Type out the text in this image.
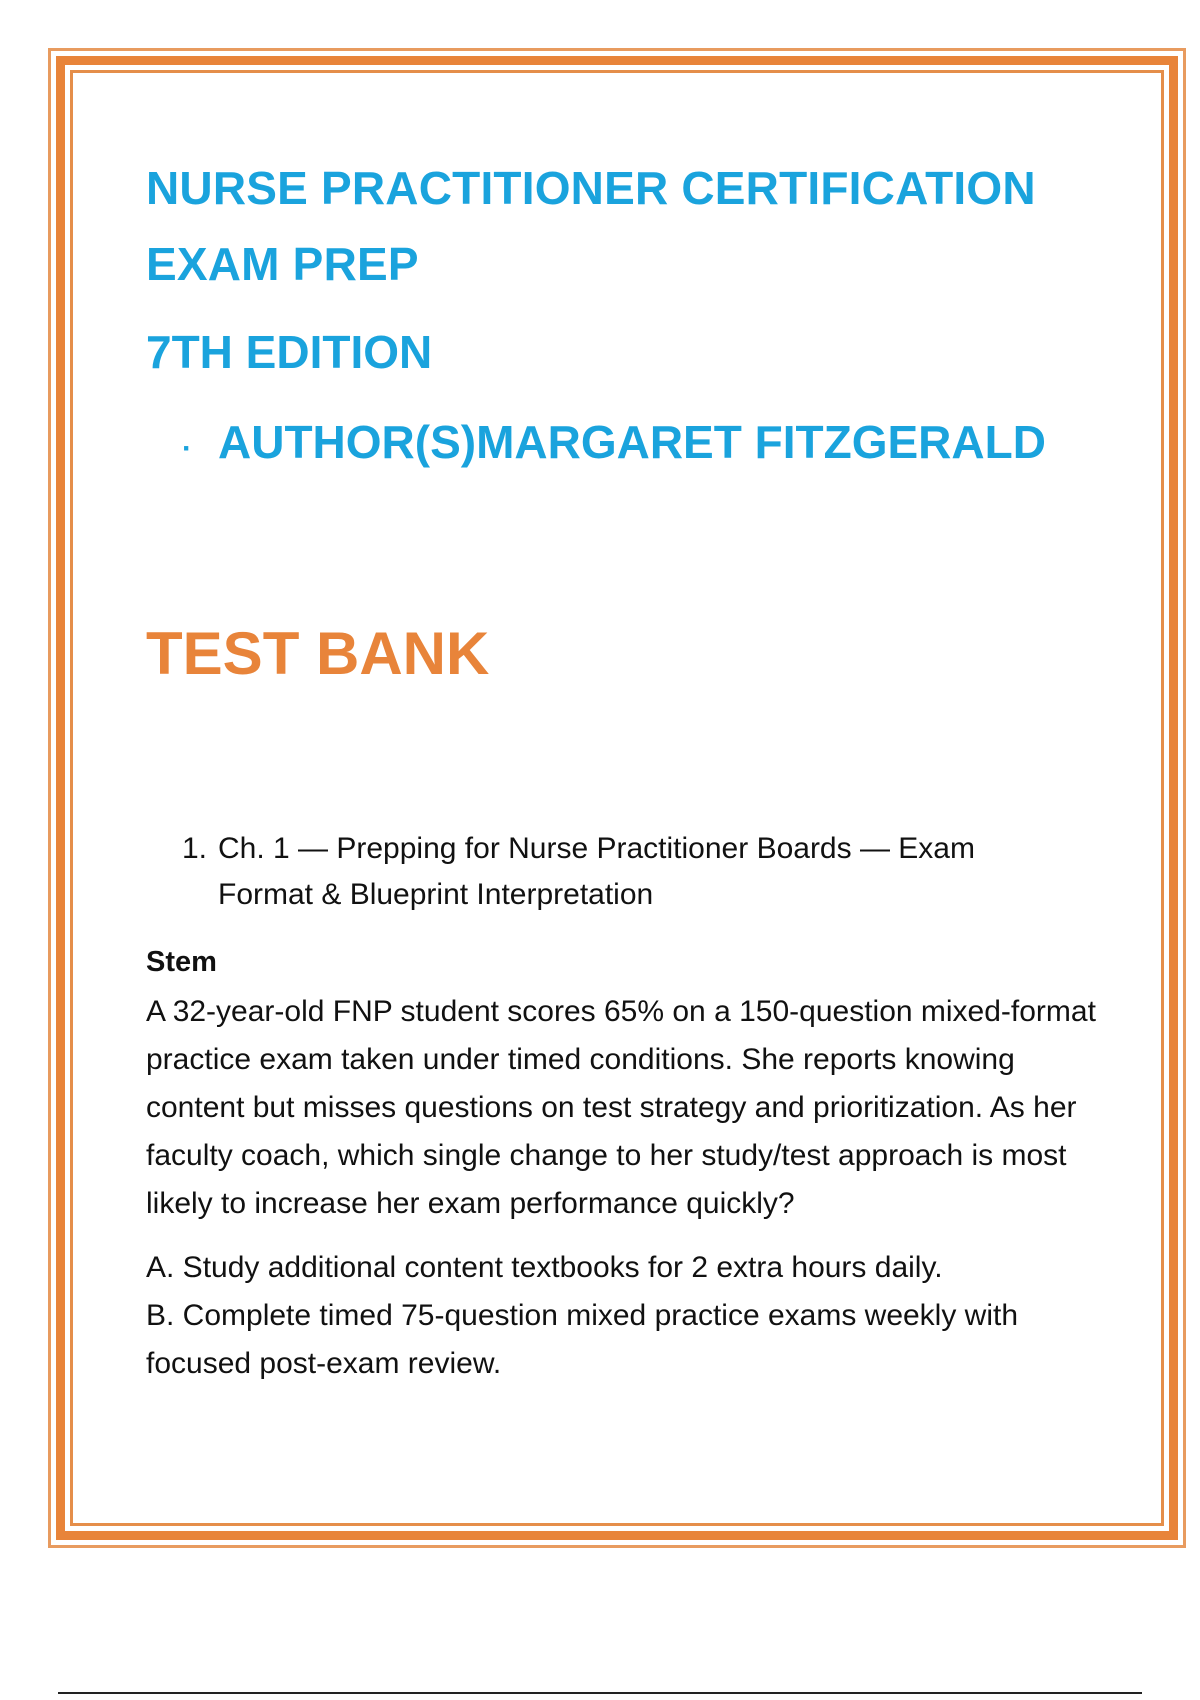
NURSE PRACTITIONER CERTIFICATION
EXAM PREP
7TH EDITION
· AUTHOR(S)MARGARET FITZGERALD
TEST BANK
1. Ch. 1 — Prepping for Nurse Practitioner Boards — Exam Format & Blueprint Interpretation
Stem
A 32-year-old FNP student scores 65% on a 150-question mixed-format practice exam taken under timed conditions. She reports knowing content but misses questions on test strategy and prioritization. As her faculty coach, which single change to her study/test approach is most likely to increase her exam performance quickly?

A. Study additional content textbooks for 2 extra hours daily.

B. Complete timed 75-question mixed practice exams weekly with focused post-exam review.
